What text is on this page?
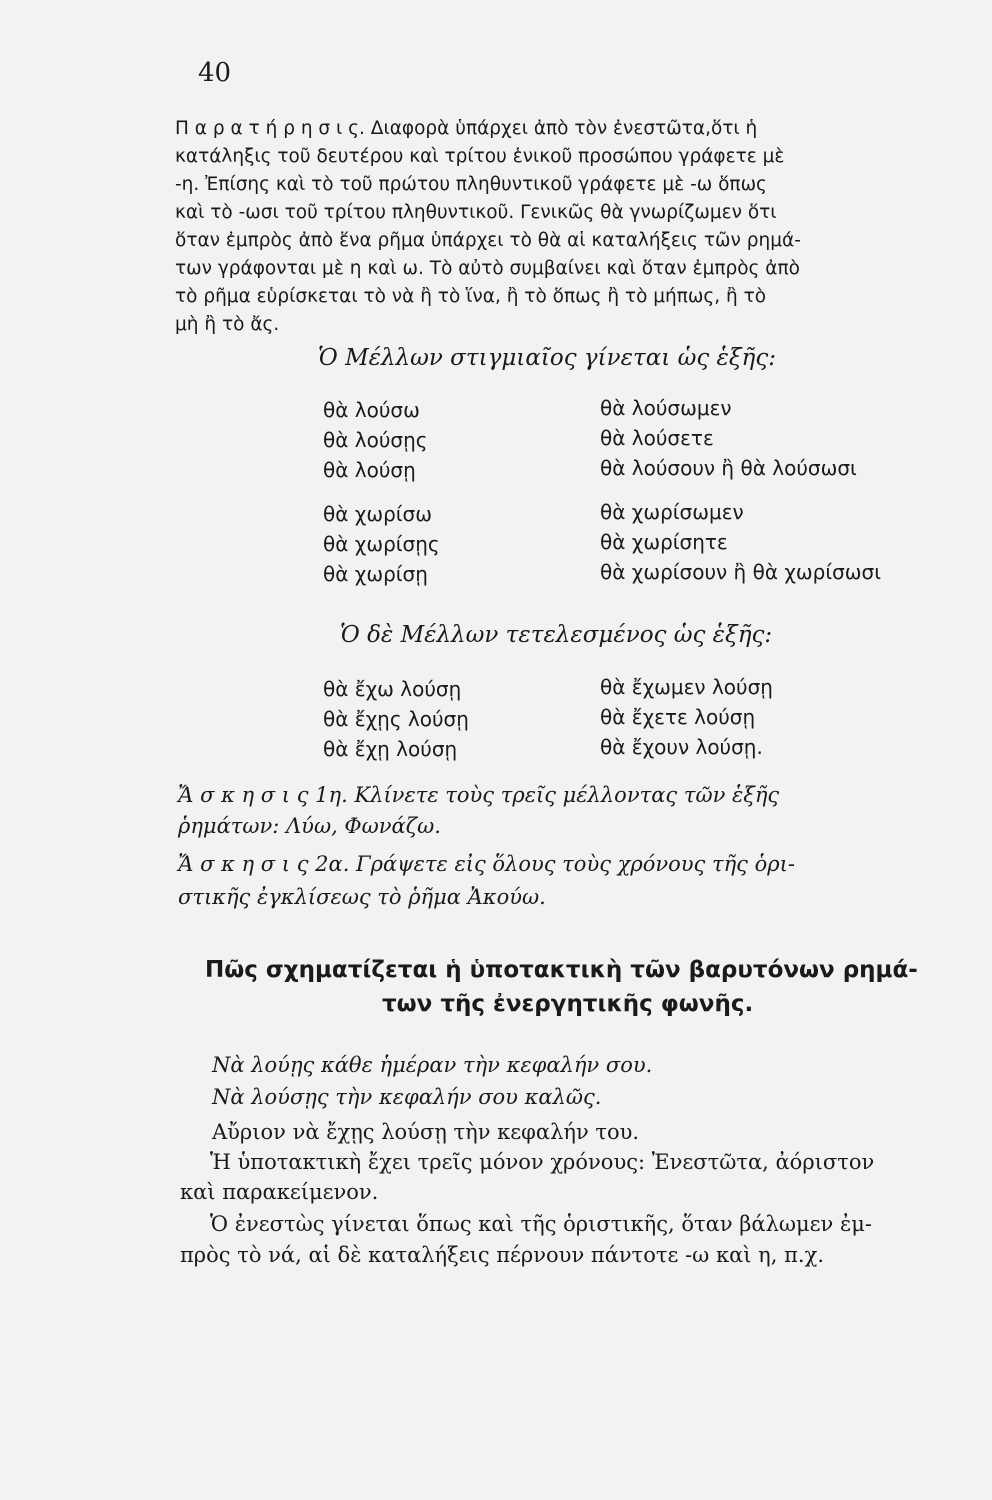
40
Π α ρ α τ ή ρ η σ ι ς. Διαφορὰ ὑπάρχει ἀπὸ τὸν ἐνεστῶτα,ὅτι ἡ
κατάληξις τοῦ δευτέρου καὶ τρίτου ἑνικοῦ προσώπου γράφετε μὲ
-η. Ἐπίσης καὶ τὸ τοῦ πρώτου πληθυντικοῦ γράφετε μὲ -ω ὅπως
καὶ τὸ -ωσι τοῦ τρίτου πληθυντικοῦ. Γενικῶς θὰ γνωρίζωμεν ὅτι
ὅταν ἐμπρὸς ἀπὸ ἕνα ρῆμα ὑπάρχει τὸ θὰ αἱ καταλήξεις τῶν ρημά-
των γράφονται μὲ η καὶ ω. Τὸ αὐτὸ συμβαίνει καὶ ὅταν ἐμπρὸς ἀπὸ
τὸ ρῆμα εὑρίσκεται τὸ νὰ ἢ τὸ ἵνα, ἢ τὸ ὅπως ἢ τὸ μήπως, ἢ τὸ
μὴ ἢ τὸ ἄς.
Ὁ Μέλλων στιγμιαῖος γίνεται ὡς ἑξῆς:
θὰ λούσω
θὰ λούσῃς
θὰ λούσῃ
θὰ χωρίσω
θὰ χωρίσῃς
θὰ χωρίσῃ
θὰ λούσωμεν
θὰ λούσετε
θὰ λούσουν ἢ θὰ λούσωσι
θὰ χωρίσωμεν
θὰ χωρίσητε
θὰ χωρίσουν ἢ θὰ χωρίσωσι
Ὁ δὲ Μέλλων τετελεσμένος ὡς ἑξῆς:
θὰ ἔχω λούσῃ
θὰ ἔχῃς λούσῃ
θὰ ἔχῃ λούσῃ
θὰ ἔχωμεν λούσῃ
θὰ ἔχετε λούσῃ
θὰ ἔχουν λούσῃ.
Ἄ σ κ η σ ι ς 1η. Κλίνετε τοὺς τρεῖς μέλλοντας τῶν ἑξῆς
ῥημάτων: Λύω, Φωνάζω.
Ἄ σ κ η σ ι ς 2α. Γράψετε εἰς ὅλους τοὺς χρόνους τῆς ὁρι-
στικῆς ἐγκλίσεως τὸ ῥῆμα Ἀκούω.
Πῶς σχηματίζεται ἡ ὑποτακτικὴ τῶν βαρυτόνων ρημά-
των τῆς ἐνεργητικῆς φωνῆς.
Νὰ λούῃς κάθε ἡμέραν τὴν κεφαλήν σου.
Νὰ λούσῃς τὴν κεφαλήν σου καλῶς.
Αὔριον νὰ ἔχῃς λούσῃ τὴν κεφαλήν του.
Ἡ ὑποτακτικὴ ἔχει τρεῖς μόνον χρόνους: Ἐνεστῶτα, ἀόριστον
καὶ παρακείμενον.
Ὁ ἐνεστὼς γίνεται ὅπως καὶ τῆς ὁριστικῆς, ὅταν βάλωμεν ἐμ-
πρὸς τὸ νά, αἱ δὲ καταλήξεις πέρνουν πάντοτε -ω καὶ η, π.χ.
